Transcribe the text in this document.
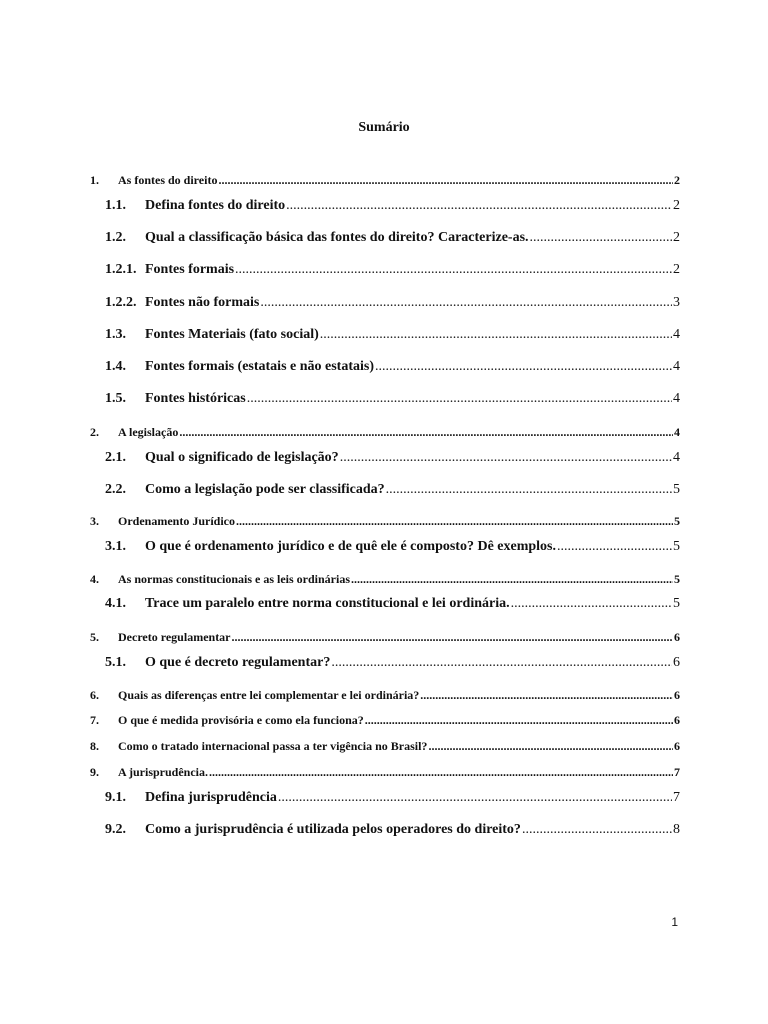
Sumário
1.	As fontes do direito .....	2
1.1.	Defina fontes do direito .....	2
1.2.	Qual a classificação básica das fontes do direito? Caracterize-as. .....	2
1.2.1. Fontes formais .....	2
1.2.2. Fontes não formais .....	3
1.3.	Fontes Materiais (fato social) .....	4
1.4.	Fontes formais (estatais e não estatais) .....	4
1.5.	Fontes históricas .....	4
2.	A legislação .....	4
2.1.	Qual o significado de legislação? .....	4
2.2.	Como a legislação pode ser classificada? .....	5
3.	Ordenamento Jurídico .....	5
3.1.	O que é ordenamento jurídico e de quê ele é composto? Dê exemplos. .....	5
4.	As normas constitucionais e as leis ordinárias .....	5
4.1.	Trace um paralelo entre norma constitucional e lei ordinária. .....	5
5.	Decreto regulamentar .....	6
5.1.	O que é decreto regulamentar? .....	6
6.	Quais as diferenças entre lei complementar e lei ordinária? .....	6
7.	O que é medida provisória e como ela funciona? .....	6
8.	Como o tratado internacional passa a ter vigência no Brasil? .....	6
9.	A jurisprudência. .....	7
9.1.	Defina jurisprudência .....	7
9.2.	Como a jurisprudência é utilizada pelos operadores do direito? .....	8
1
